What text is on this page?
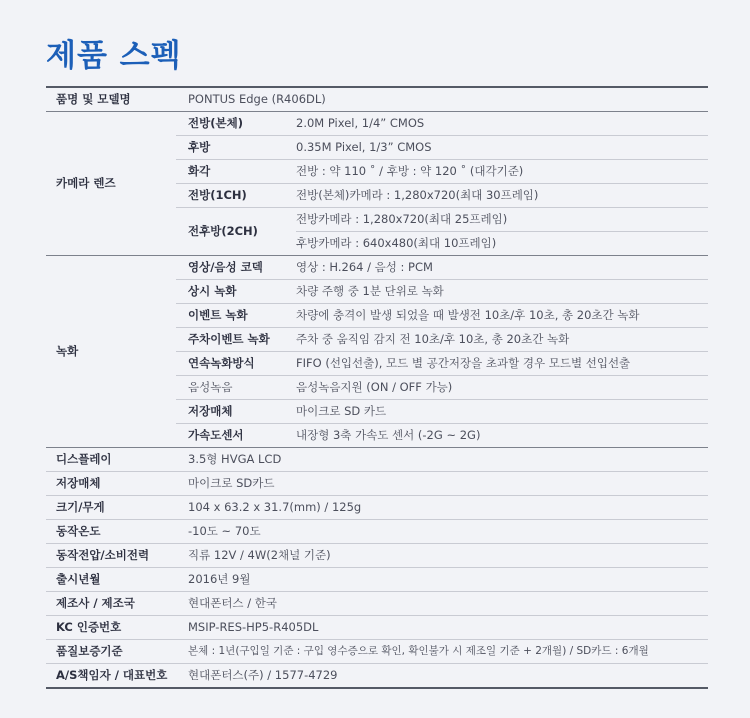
제품 스펙
품명 및 모델명	PONTUS Edge (R406DL)	
카메라 렌즈	전방(본체)	2.0M Pixel, 1/4” CMOS
	후방	0.35M Pixel, 1/3” CMOS
	화각	전방 : 약 110 ˚ / 후방 : 약 120 ˚ (대각기준)
	전방(1CH)	전방(본체)카메라 : 1,280x720(최대 30프레임)
	전후방(2CH)	전방카메라 : 1,280x720(최대 25프레임)
		후방카메라 : 640x480(최대 10프레임)
녹화	영상/음성 코덱	영상 : H.264 / 음성 : PCM
	상시 녹화	차량 주행 중 1분 단위로 녹화
	이벤트 녹화	차량에 충격이 발생 되었을 때 발생전 10초/후 10초, 총 20초간 녹화
	주차이벤트 녹화	주차 중 움직임 감지 전 10초/후 10초, 총 20초간 녹화
	연속녹화방식	FIFO (선입선출), 모드 별 공간저장을 초과할 경우 모드별 선입선출
	음성녹음	음성녹음지원 (ON / OFF 가능)
	저장매체	마이크로 SD 카드
	가속도센서	내장형 3축 가속도 센서 (-2G ~ 2G)
디스플레이	3.5형 HVGA LCD	
저장매체	마이크로 SD카드	
크기/무게	104 x 63.2 x 31.7(mm) / 125g	
동작온도	-10도 ~ 70도	
동작전압/소비전력	직류 12V / 4W(2채널 기준)	
출시년월	2016년 9월	
제조사 / 제조국	현대폰터스 / 한국	
KC 인증번호	MSIP-RES-HP5-R405DL	
품질보증기준	본체 : 1년(구입일 기준 : 구입 영수증으로 확인, 확인불가 시 제조일 기준 + 2개월) / SD카드 : 6개월	
A/S책임자 / 대표번호	현대폰터스(주) / 1577-4729	
